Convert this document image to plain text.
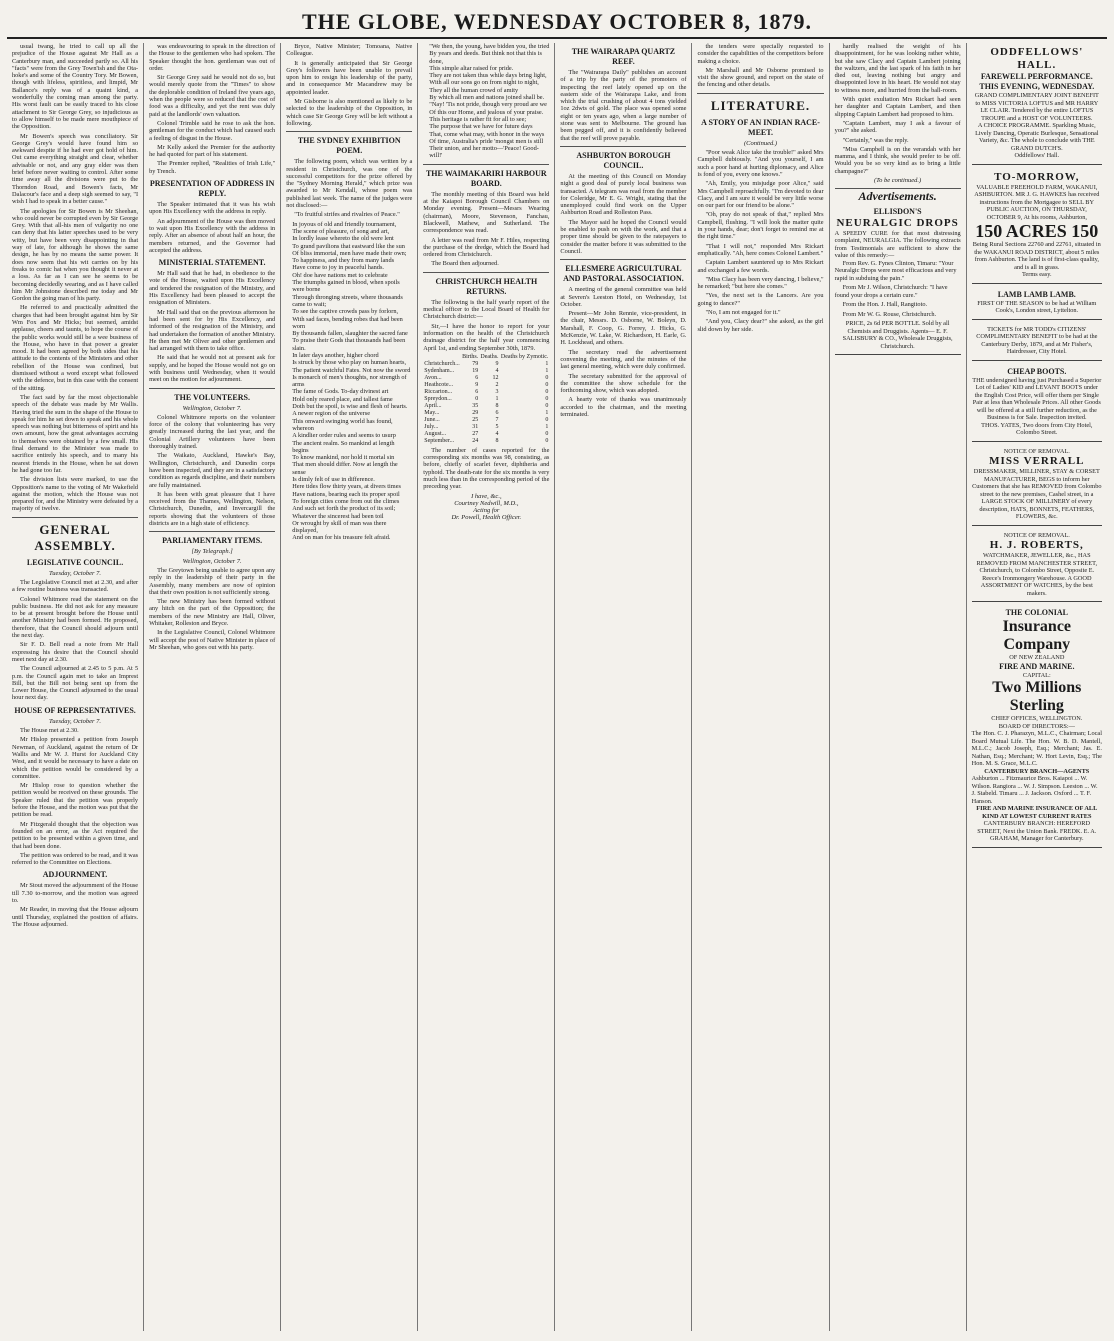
THE GLOBE, WEDNESDAY OCTOBER 8, 1879.

usual twang, he tried to call up all the prejudice of the House against Mr Hall as a Canterbury man, and succeeded partly so. All his "facts" were from the Grey Town'ish and the Ota-hoke's and some of the Country Tory. Mr Bowen, though with lifeless, spiritless, and limpid, Mr Ballance's reply was of a quaint kind, a wonderfully the coming man among the party. His worst fault can be easily traced to his close attachment to Sir George Grey, so injudicious as to allow himself to be made mere mouthpiece of the Opposition.

Mr Bowen's speech was conciliatory. Sir George Grey's would have found him so awkward despite if he had ever got hold of him. Out came everything straight and clear, whether advisable or not, and any gray elder was then brief before never waiting to control. After some time away all the divisions were put to the Thorndon Road, and Bowen's facts, Mr Dalacour's face and a deep sigh seemed to say, "I wish I had to speak in a better cause."

The apologies for Sir Bowen is Mr Sheehan, who could never be corrupted even by Sir George Grey. With that all-his men of vulgarity no one can deny that his latter speeches used to be very witty, but have been very disappointing in that way of late, for although he shows the same design, he has by no means the same power. It does now seem that his wit carries on by his freaks to comic hat when you thought it never at a loss. As far as I can see he seems to be becoming decidedly wearing, and as I have called him Mr Johnstone described me today and Mr Gordon the going man of his party.

He referred to and practically admitted the charges that had been brought against him by Sir Wm Fox and Mr Hicks; but seemed, amidst applause, cheers and taunts, to hope the course of the public works would still be a wee business of the House, who have in that power a greater mood. It had been agreed by both sides that his attitude to the contents of the Ministers and other rebellion of the House was confined, but dismissed without a word except what followed with the defence, but in this case with the consent of the sitting.

The fact said by far the most objectionable speech of the debate was made by Mr Wallis. Having tried the sum in the shape of the House to speak for him he set down to speak and his whole speech was nothing but bitterness of spirit and his own amount, how the great advantages accruing to themselves were obtained by a few small. His final demand to the Minister was made to sacrifice entirely his speech, and to many his nearest friends in the House, when he sat down he had gone too far.

The division lists were marked, to use the Opposition's name to the voting of Mr Wakefield against the motion, which the House was not prepared for, and the Ministry were defeated by a majority of twelve.

GENERAL ASSEMBLY.
LEGISLATIVE COUNCIL.
Tuesday, October 7.

The Legislative Council met at 2.30, and after a few routine business was transacted.

Colonel Whitmore read the statement on the public business. He did not ask for any measure to be at present brought before the House until another Ministry had been formed. He proposed, therefore, that the Council should adjourn until the next day.

Sir F. D. Bell read a note from Mr Hall expressing his desire that the Council should meet next day at 2.30.

The Council adjourned at 2.45 to 5 p.m. At 5 p.m. the Council again met to take an Imprest Bill, but the Bill not being sent up from the Lower House, the Council adjourned to the usual hour next day.

HOUSE OF REPRESENTATIVES.
Tuesday, October 7.

The House met at 2.30.

Mr Hislop presented a petition from Joseph Newman, of Auckland, against the return of Dr Wallis and Mr W. J. Hurst for Auckland City West, and it would be necessary to have a date on which the petition would be considered by a committee.

Mr Hislop rose to question whether the petition would be received on these grounds. The Speaker ruled that the petition was properly before the House, and the motion was put that the petition be read.

Mr Fitzgerald thought that the objection was founded on an error, as the Act required the petition to be presented within a given time, and that had been done.

The petition was ordered to be read, and it was referred to the Committee on Elections.

ADJOURNMENT.

Mr Stout moved the adjournment of the House till 7.30 to-morrow, and the motion was agreed to.

Mr Reader, in moving that the House adjourn until Thursday, explained the position of affairs. The House adjourned.

was endeavouring to speak in the direction of the House to the gentlemen who had spoken. The Speaker thought the hon. gentleman was out of order.

Sir George Grey said he would not do so, but would merely quote from the "Times" to show the deplorable condition of Ireland five years ago, when the people were so reduced that the cost of food was a difficulty, and yet the rent was duly paid at the landlords' own valuation.

Colonel Trimble said he rose to ask the hon. gentleman for the conduct which had caused such a feeling of disgust in the House.

Mr Kelly asked the Premier for the authority he had quoted for part of his statement.

The Premier replied, "Realities of Irish Life," by Trench.

PRESENTATION OF ADDRESS IN REPLY.

The Speaker intimated that it was his wish upon His Excellency with the address in reply.

An adjournment of the House was then moved to wait upon His Excellency with the address in reply. After an absence of about half an hour, the members returned, and the Governor had accepted the address.

MINISTERIAL STATEMENT.

Mr Hall said that he had, in obedience to the vote of the House, waited upon His Excellency and tendered the resignation of the Ministry, and His Excellency had been pleased to accept the resignation of Ministers.

Mr Hall said that on the previous afternoon he had been sent for by His Excellency, and informed of the resignation of the Ministry, and had undertaken the formation of another Ministry. He then met Mr Oliver and other gentlemen and had arranged with them to take office.

He said that he would not at present ask for supply, and he hoped the House would not go on with business until Wednesday, when it would meet on the motion for adjournment.

THE VOLUNTEERS.
Wellington, October 7.

Colonel Whitmore reports on the volunteer force of the colony that volunteering has very greatly increased during the last year, and the Colonial Artillery volunteers have been thoroughly trained.

The Waikato, Auckland, Hawke's Bay, Wellington, Christchurch, and Dunedin corps have been inspected, and they are in a satisfactory condition as regards discipline, and their numbers are fully maintained.

It has been with great pleasure that I have received from the Thames, Wellington, Nelson, Christchurch, Dunedin, and Invercargill the reports showing that the volunteers of those districts are in a high state of efficiency.

PARLIAMENTARY ITEMS.
[By Telegraph.]
Wellington, October 7.

The Greytown being unable to agree upon any reply in the leadership of their party in the Assembly, many members are now of opinion that their own position is not sufficiently strong.

The new Ministry has been formed without any hitch on the part of the Opposition; the members of the new Ministry are Hall, Oliver, Whitaker, Rolleston and Bryce.

In the Legislative Council, Colonel Whitmore will accept the post of Native Minister in place of Mr Sheehan, who goes out with his party.

Bryce, Native Minister; Tomoana, Native Colleague.

It is generally anticipated that Sir George Grey's followers have been unable to prevail upon him to resign his leadership of the party, and in consequence Mr Macandrew may be appointed leader.

Mr Gisborne is also mentioned as likely to be selected to the leadership of the Opposition, in which case Sir George Grey will be left without a following.

THE SYDNEY EXHIBITION POEM.

The following poem, which was written by a resident in Christchurch, was one of the successful competitors for the prize offered by the "Sydney Morning Herald," which prize was awarded to Mr Kendall, whose poem was published last week. The name of the judges were not disclosed:—

"To fruitful strifes and rivalries of Peace."

In joyous of old and friendly tournament,

The scene of pleasure, of song and art,

In lordly lease whereto the old were lent

To grand pavilions that eastward like the sun

Of bliss immortal, men have made their own;

To happiness, and they from many lands

Have come to joy in peaceful hands.

Oh! doe have nations met to celebrate

The triumphs gained in blood, when spoils were borne

Through thronging streets, where thousands came to wait;

To see the captive crowds pass by forlorn,

With sad faces, bending robes that had been worn

By thousands fallen, slaughter the sacred fane

To praise their Gods that thousands had been slain.

In later days another, higher chord

Is struck by those who play on human hearts,

The patient watchful Fates. Not now the sword

Is monarch of men's thoughts, nor strength of arms

The fame of Gods. To-day divinest art

Hold only reared place, and tallest fame

Doth but the spoil, is wise and flesh of hearts.

A newer region of the universe

This onward swinging world has found, whereon

A kindlier order rules and seems to usurp

The ancient realm. So mankind at length begins

To know mankind, nor hold it mortal sin

That men should differ. Now at length the sense

Is dimly felt of use in difference.

Here tides flow thirty years, at divers times

Have nations, bearing each its proper spoil

To foreign cities come from out the climes

And such set forth the product of its soil;

Whatever the sincerest had been toil

Or wrought by skill of man was there displayed,

And on man for his treasure felt afraid.

"We then, the young, have bidden you, the tried

By years and deeds. But think not that this is done,

This simple altar raised for pride.

They are not taken thus while days bring light,

With all our sons go on from night to night,

They all the human crowd of amity

By which all men and nations joined shall be.

"Nay! 'Tis not pride, though very proud are we

Of this our Home, and jealous of your praise.

This heritage is rather fit for all to see;

The purpose that we have for future days

That, come what may, with honor in the ways

Of time, Australia's pride 'mongst men is still

Their union, and her motto—'Peace! Good-will!'

THE WAIMAKARIRI HARBOUR BOARD.

The monthly meeting of this Board was held at the Kaiapoi Borough Council Chambers on Monday evening. Present—Messrs Wearing (chairman), Moore, Stevenson, Fanchau, Blackwell, Mathew, and Sutherland. The correspondence was read.

A letter was read from Mr F. Hiles, respecting the purchase of the dredge, which the Board had ordered from Christchurch.

The Board then adjourned.

CHRISTCHURCH HEALTH RETURNS.

The following is the half yearly report of the medical officer to the Local Board of Health for Christchurch district:—

Sir,—I have the honor to report for your information on the health of the Christchurch drainage district for the half year commencing April 1st, and ending September 30th, 1879.

	Births.	Deaths.	Deaths by Zymotic.
Christchurch...	79	9	1
Sydenham...	19	4	1
Avon...	6	12	0
Heathcote...	9	2	0
Riccarton...	6	3	0
Spreydon...	0	1	0
April...	35	8	0
May...	29	6	1
June...	25	7	0
July...	31	5	1
August...	27	4	0
September...	24	8	0

The number of cases reported for the corresponding six months was 98, consisting, as before, chiefly of scarlet fever, diphtheria and typhoid. The death-rate for the six months is very much less than in the corresponding period of the preceding year.

I have, &c.,
Courtney Nedwill, M.D.,
Acting for
Dr. Powell, Health Officer.
THE WAIRARAPA QUARTZ REEF.

The "Wairarapa Daily" publishes an account of a trip by the party of the promoters of inspecting the reef lately opened up on the eastern side of the Wairarapa Lake, and from which the trial crushing of about 4 tons yielded 1oz 2dwts of gold. The place was opened some eight or ten years ago, when a large number of stone was sent to Melbourne. The ground has been pegged off, and it is confidently believed that the reef will prove payable.

ASHBURTON BOROUGH COUNCIL.

At the meeting of this Council on Monday night a good deal of purely local business was transacted. A telegram was read from the member for Coleridge, Mr E. G. Wright, stating that the unemployed could find work on the Upper Ashburton Road and Rolleston Pass.

The Mayor said he hoped the Council would be enabled to push on with the work, and that a proper time should be given to the ratepayers to consider the matter before it was submitted to the Council.

ELLESMERE AGRICULTURAL AND PASTORAL ASSOCIATION.

A meeting of the general committee was held at Sevren's Leeston Hotel, on Wednesday, 1st October.

Present—Mr John Rennie, vice-president, in the chair, Messrs. D. Osborne, W. Boleyn, D. Marshall, F. Coop, G. Forrey, J. Hicks, G. McKenzie, W. Lake, W. Richardson, H. Earle, G. H. Lockhead, and others.

The secretary read the advertisement convening the meeting, and the minutes of the last general meeting, which were duly confirmed.

The secretary submitted for the approval of the committee the show schedule for the forthcoming show, which was adopted.

A hearty vote of thanks was unanimously accorded to the chairman, and the meeting terminated.

the tenders were specially requested to consider the capabilities of the competitors before making a choice.

Mr Marshall and Mr Osborne promised to visit the show ground, and report on the state of the fencing and other details.

LITERATURE.
A STORY OF AN INDIAN RACE-MEET.
(Continued.)

"Poor weak Alice take the trouble!" asked Mrs Campbell dubiously. "And you yourself, I am such a poor hand at hurting diplomacy, and Alice is fond of you, every one knows."

"Ah, Emily, you misjudge poor Alice," said Mrs Campbell reproachfully. "I'm devoted to dear Clacy, and I am sure it would be very little worse on our part for our friend to be alone."

"Oh, pray do not speak of that," replied Mrs Campbell, flushing. "I will look the matter quite in your hands, dear; don't forget to remind me at the right time."

"That I will not," responded Mrs Rickart emphatically. "Ah, here comes Colonel Lambert."

Captain Lambert sauntered up to Mrs Rickart and exchanged a few words.

"Miss Clacy has been very dancing, I believe," he remarked; "but here she comes."

"Yes, the next set is the Lancers. Are you going to dance?"

"No, I am not engaged for it."

"And you, Clacy dear?" she asked, as the girl slid down by her side.

hardly realised the weight of his disappointment, for he was looking rather white, but she saw Clacy and Captain Lambert joining the waltzers, and the last spark of his faith in her died out, leaving nothing but angry and disappointed love in his heart. He would not stay to witness more, and hurried from the ball-room.

With quiet exultation Mrs Rickart had seen her daughter and Captain Lambert, and then slipping Captain Lambert had proposed to him.

"Captain Lambert, may I ask a favour of you?" she asked.

"Certainly," was the reply.

"Miss Campbell is on the verandah with her mamma, and I think, she would prefer to be off. Would you be so very kind as to bring a little champagne?"

(To be continued.)
Advertisements.
ELLISDON'S
NEURALGIC DROPS
A SPEEDY CURE for that most distressing complaint, NEURALGIA. The following extracts from Testimonials are sufficient to show the value of this remedy:—

From Rev. G. Fynes Clinton, Timaru: "Your Neuralgic Drops were most efficacious and very rapid in subduing the pain."

From Mr J. Wilson, Christchurch: "I have found your drops a certain cure."

From the Hon. J. Hall, Rangitoto.

From Mr W. G. Rouse, Christchurch.

PRICE, 2s 6d PER BOTTLE. Sold by all Chemists and Druggists. Agents— E. F. SALISBURY & CO., Wholesale Druggists, Christchurch.
ODDFELLOWS' HALL.
FAREWELL PERFORMANCE. THIS EVENING, WEDNESDAY.
GRAND COMPLIMENTARY JOINT BENEFIT to MISS VICTORIA LOFTUS and MR HARRY LE CLAIR. Tendered by the entire LOFTUS TROUPE and a HOST OF VOLUNTEERS.
A CHOICE PROGRAMME. Sparkling Music, Lively Dancing, Operatic Burlesque, Sensational Variety, &c. The whole to conclude with THE GRAND DUTCH'S.
Oddfellows' Hall.
TO-MORROW,
VALUABLE FREEHOLD FARM, WAKANUI, ASHBURTON. MR J. G. HAWKES has received instructions from the Mortgagee to SELL BY PUBLIC AUCTION, ON THURSDAY, OCTOBER 9, At his rooms, Ashburton,
150 ACRES 150
Being Rural Sections 22760 and 22761, situated in the WAKANUI ROAD DISTRICT, about 5 miles from Ashburton. The land is of first-class quality, and is all in grass.
Terms easy.
LAMB LAMB LAMB.
FIRST OF THE SEASON to be had at William Cook's, London street, Lyttelton.
TICKETS for MR TODD's CITIZENS' COMPLIMENTARY BENEFIT to be had at the Canterbury Derby, 1879, and at Mr Fisher's, Hairdresser, City Hotel.
CHEAP BOOTS.
THE undersigned having just Purchased a Superior Lot of Ladies' KID and LEVANT BOOTS under the English Cost Price, will offer them per Single Pair at less than Wholesale Prices. All other Goods will be offered at a still further reduction, as the Business is for Sale. Inspection invited.
THOS. YATES, Two doors from City Hotel, Colombo Street.
NOTICE OF REMOVAL.
MISS VERRALL
DRESSMAKER, MILLINER, STAY & CORSET MANUFACTURER, BEGS to inform her Customers that she has REMOVED from Colombo street to the new premises, Cashel street, in a LARGE STOCK OF MILLINERY of every description, HATS, BONNETS, FEATHERS, FLOWERS, &c.
NOTICE OF REMOVAL.
H. J. ROBERTS,
WATCHMAKER, JEWELLER, &c., HAS REMOVED FROM MANCHESTER STREET, Christchurch, to Colombo Street, Opposite E. Reece's Ironmongery Warehouse. A GOOD ASSORTMENT OF WATCHES, by the best makers.
THE COLONIAL
Insurance Company
OF NEW ZEALAND
FIRE AND MARINE.
CAPITAL:
Two Millions Sterling
CHIEF OFFICES, WELLINGTON.
BOARD OF DIRECTORS:—
The Hon. C. J. Pharazyn, M.L.C., Chairman; Local Board Mutual Life. The Hon. W. B. D. Mantell, M.L.C.; Jacob Joseph, Esq.; Merchant; Jas. E. Nathan, Esq.; Merchant; W. Hort Levin, Esq.; The Hon. M. S. Grace, M.L.C.
CANTERBURY BRANCH—AGENTS
Ashburton ... Fitzmaurice Bros. Kaiapoi ... W. Wilson. Rangiora ... W. J. Simpson. Leeston ... W. J. Stabeld. Timaru ... J. Jackson. Oxford ... T. F. Hanson.
FIRE AND MARINE INSURANCE OF ALL KIND AT LOWEST CURRENT RATES
CANTERBURY BRANCH: HEREFORD STREET, Next the Union Bank. FREDK. E. A. GRAHAM, Manager for Canterbury.
